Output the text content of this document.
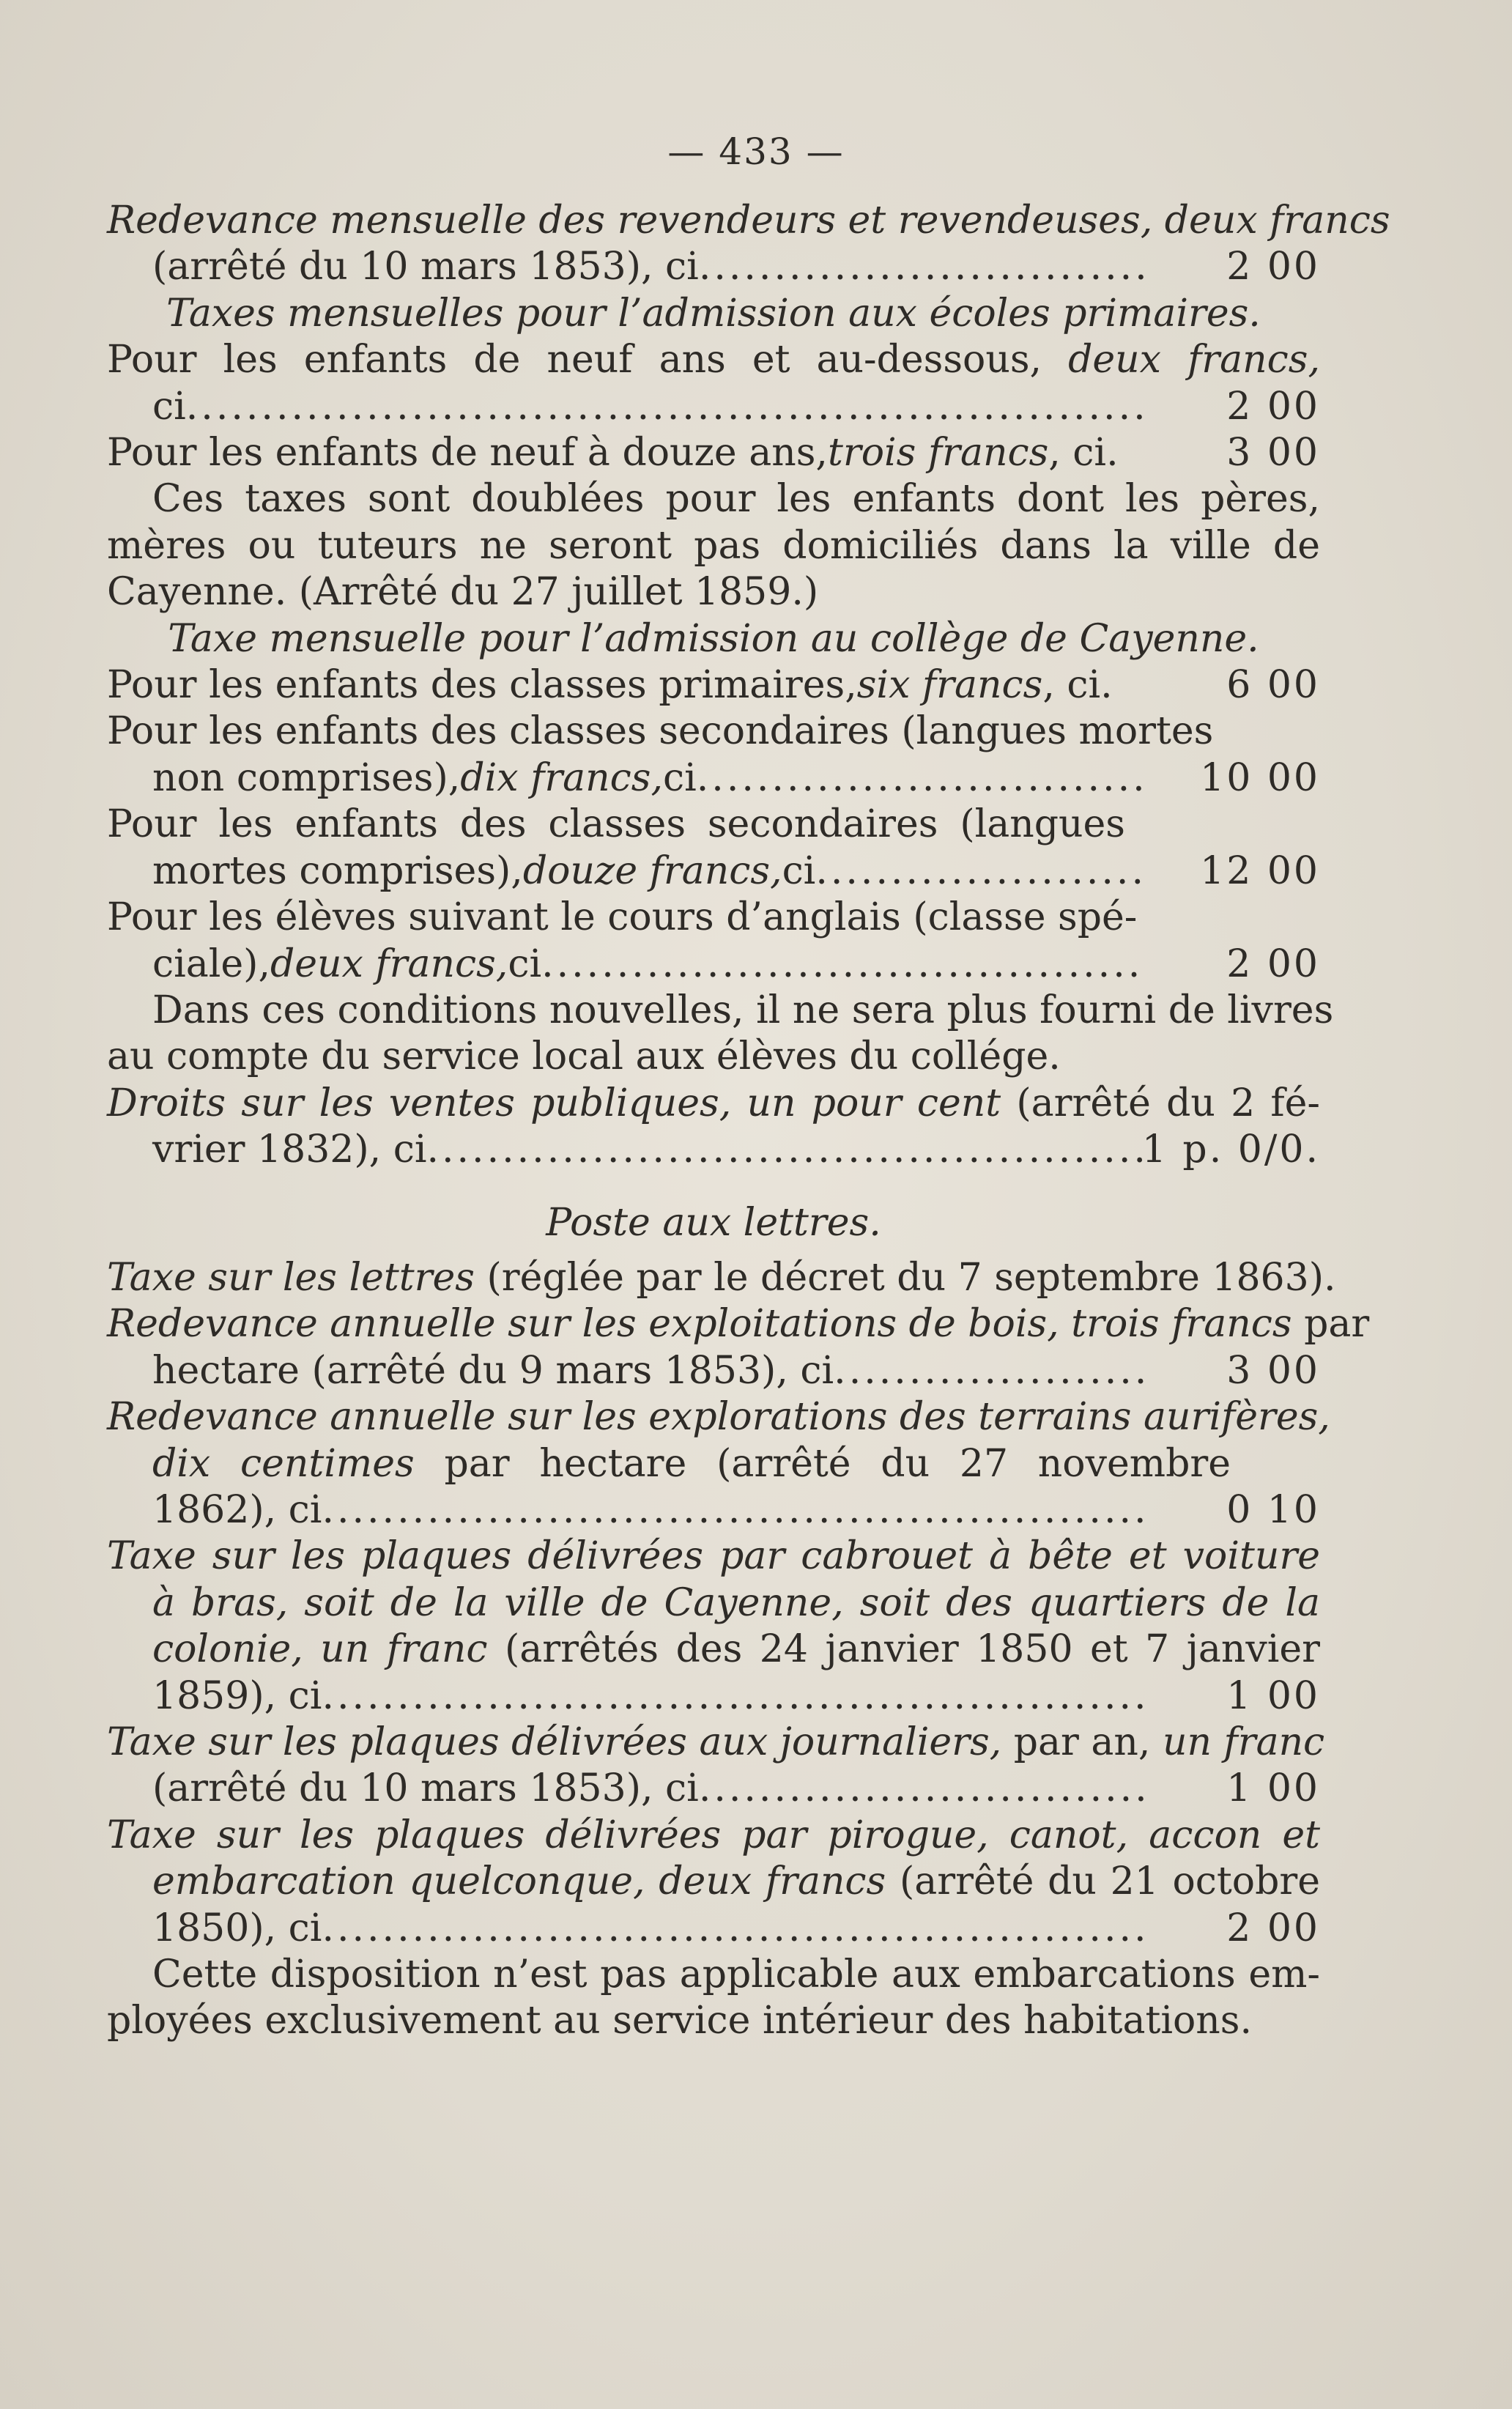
— 433 —
Redevance mensuelle des revendeurs et revendeuses, deux francs
(arrêté du 10 mars 1853), ci .....	2 00
Taxes mensuelles pour l’admission aux écoles primaires.
Pour les enfants de neuf ans et au-dessous, deux francs,
ci .....	2 00
Pour les enfants de neuf à douze ans, trois francs , ci.	3 00
Ces taxes sont doublées pour les enfants dont les pères,
mères ou tuteurs ne seront pas domiciliés dans la ville de
Cayenne. (Arrêté du 27 juillet 1859.)
Taxe mensuelle pour l’admission au collège de Cayenne.
Pour les enfants des classes primaires, six francs , ci.	6 00
Pour les enfants des classes secondaires (langues mortes
non comprises), dix francs, ci .....	10 00
Pour les enfants des classes secondaires (langues
mortes comprises), douze francs, ci .....	12 00
Pour les élèves suivant le cours d’anglais (classe spé-
ciale), deux francs, ci .....	2 00
Dans ces conditions nouvelles, il ne sera plus fourni de livres
au compte du service local aux élèves du collége.
Droits sur les ventes publiques, un pour cent (arrêté du 2 fé-
vrier 1832), ci .....	1 p. 0/0.
Poste aux lettres.
Taxe sur les lettres (réglée par le décret du 7 septembre 1863).
Redevance annuelle sur les exploitations de bois, trois francs par
hectare (arrêté du 9 mars 1853), ci .....	3 00
Redevance annuelle sur les explorations des terrains aurifères,
dix centimes par hectare (arrêté du 27 novembre
1862), ci .....	0 10
Taxe sur les plaques délivrées par cabrouet à bête et voiture
à bras, soit de la ville de Cayenne, soit des quartiers de la
colonie, un franc (arrêtés des 24 janvier 1850 et 7 janvier
1859), ci .....	1 00
Taxe sur les plaques délivrées aux journaliers, par an, un franc
(arrêté du 10 mars 1853), ci .....	1 00
Taxe sur les plaques délivrées par pirogue, canot, accon et
embarcation quelconque, deux francs (arrêté du 21 octobre
1850), ci .....	2 00
Cette disposition n’est pas applicable aux embarcations em-
ployées exclusivement au service intérieur des habitations.
